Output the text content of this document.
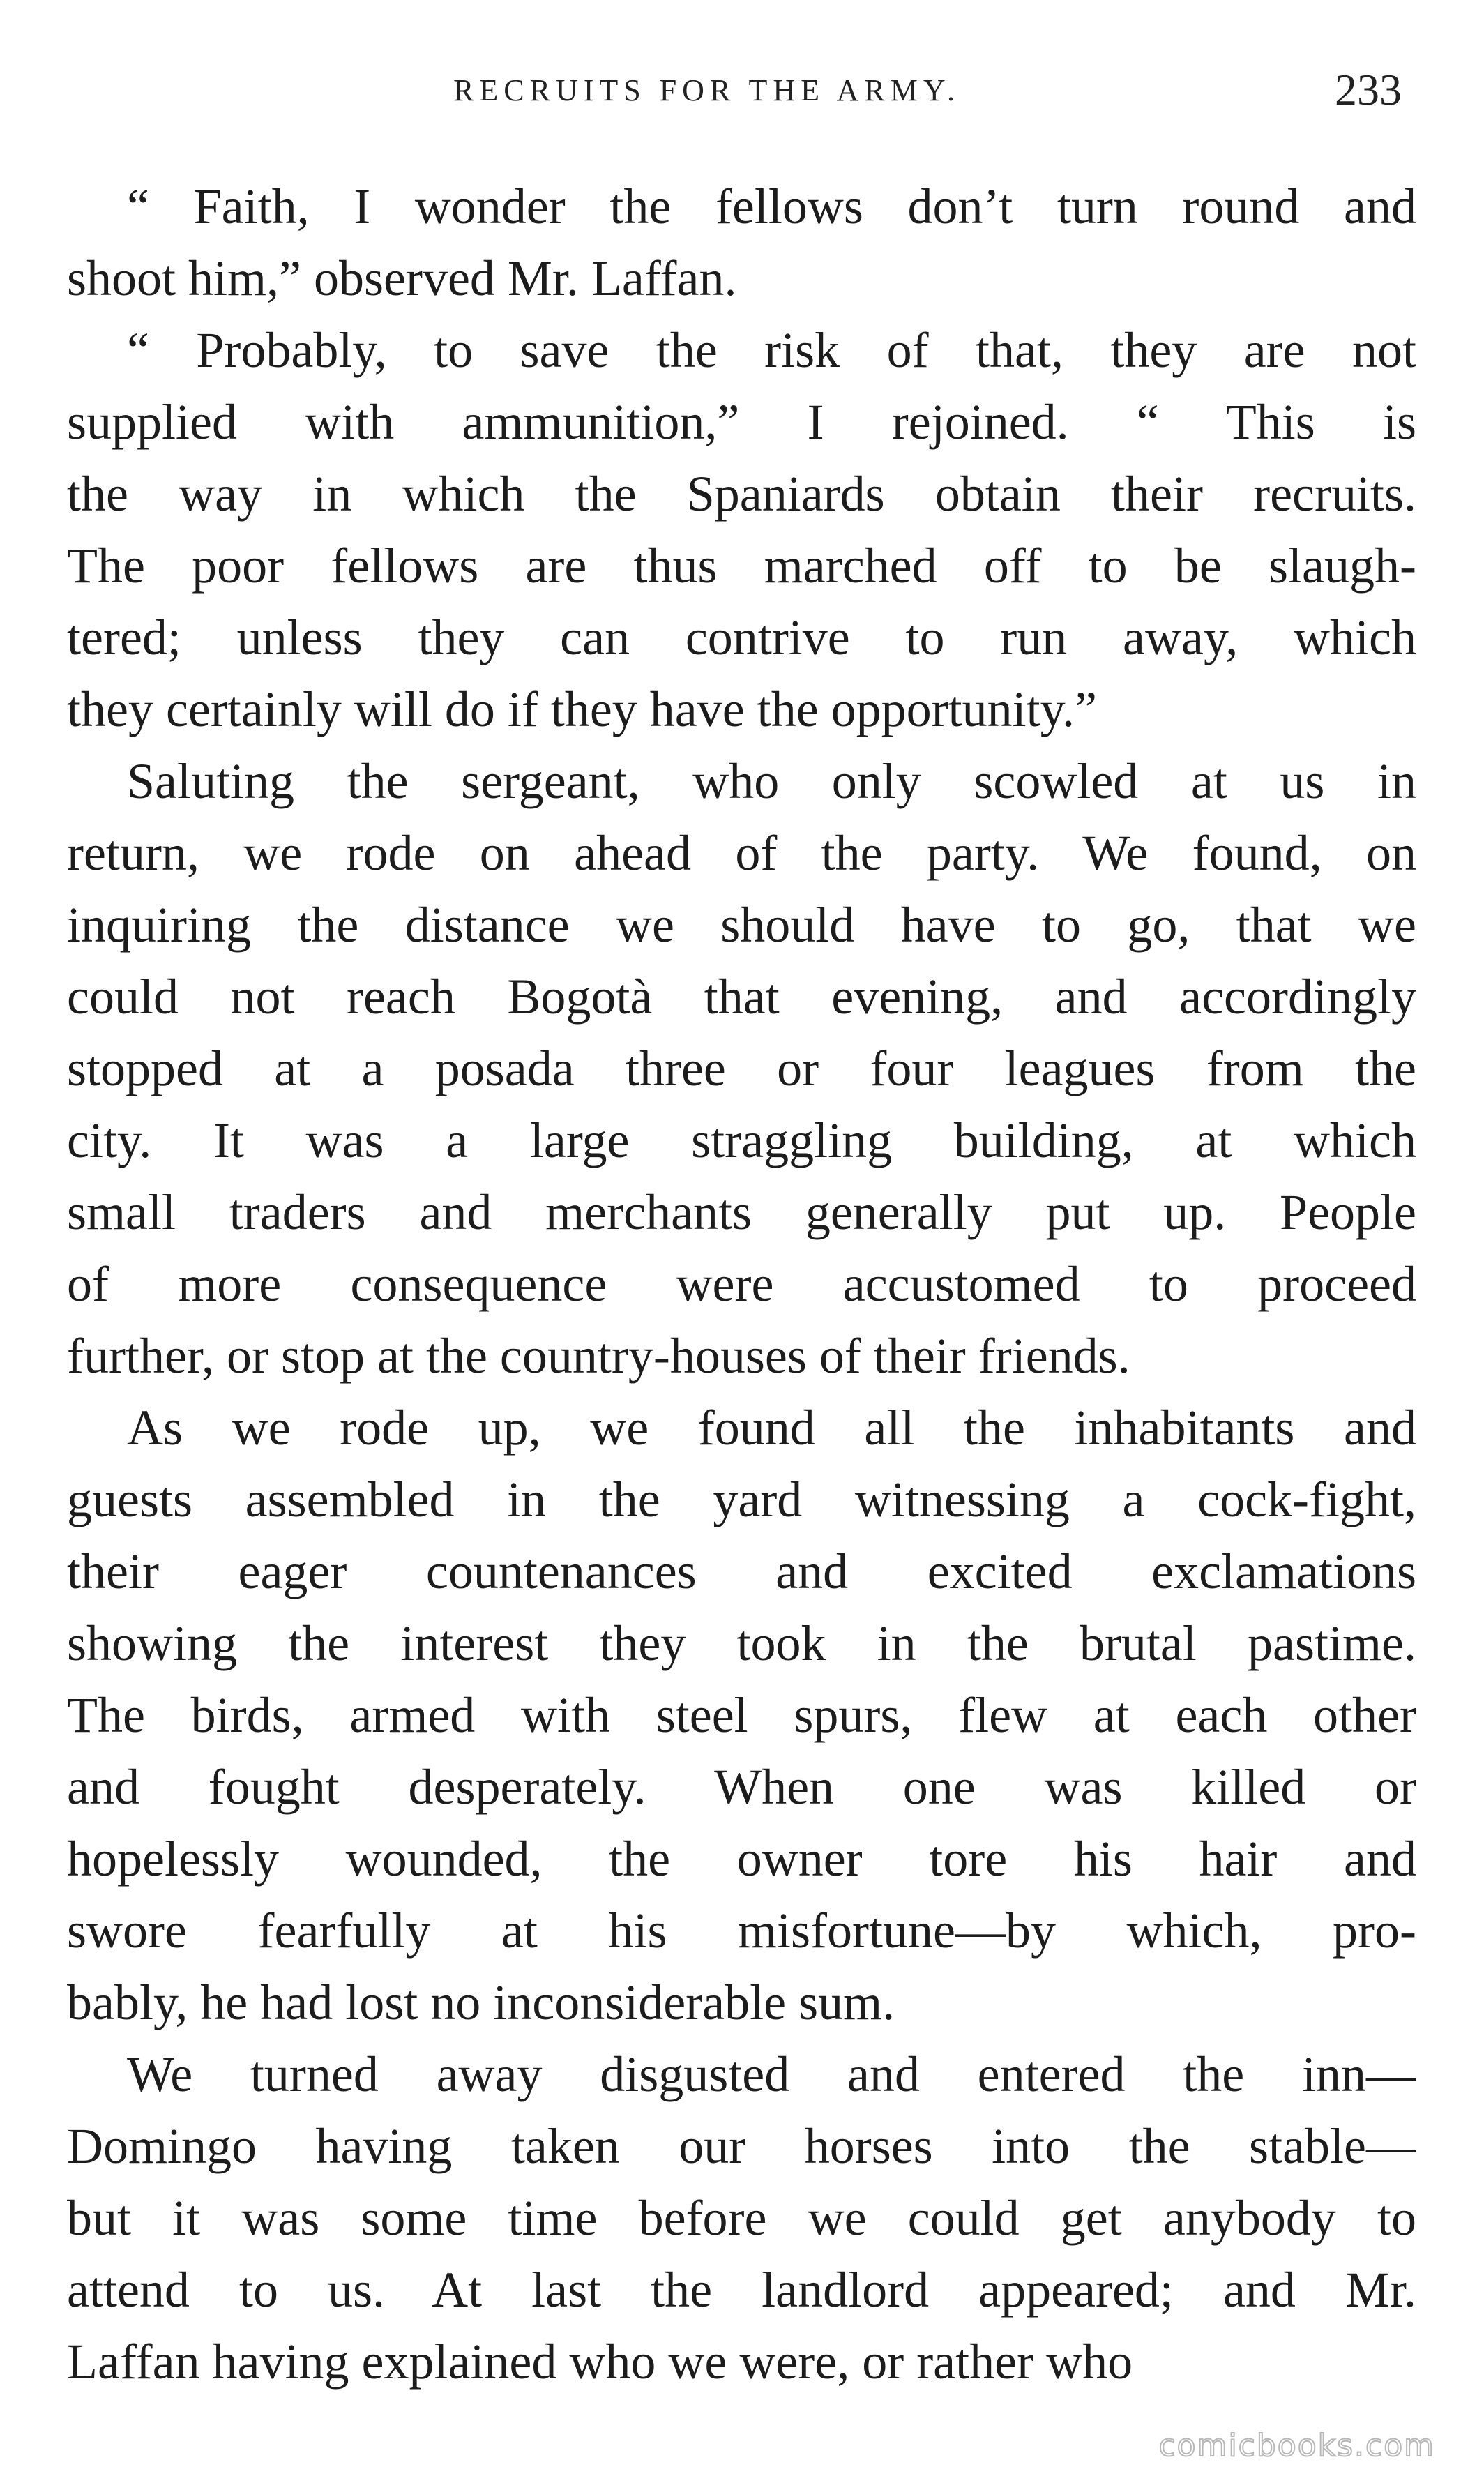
RECRUITS FOR THE ARMY.	233
“ Faith, I wonder the fellows don’t turn round and
shoot him,” observed Mr. Laffan.
“ Probably, to save the risk of that, they are not
supplied with ammunition,” I rejoined. “ This is
the way in which the Spaniards obtain their recruits.
The poor fellows are thus marched off to be slaugh-
tered; unless they can contrive to run away, which
they certainly will do if they have the opportunity.”
Saluting the sergeant, who only scowled at us in
return, we rode on ahead of the party. We found, on
inquiring the distance we should have to go, that we
could not reach Bogotà that evening, and accordingly
stopped at a posada three or four leagues from the
city. It was a large straggling building, at which
small traders and merchants generally put up. People
of more consequence were accustomed to proceed
further, or stop at the country-houses of their friends.
As we rode up, we found all the inhabitants and
guests assembled in the yard witnessing a cock-fight,
their eager countenances and excited exclamations
showing the interest they took in the brutal pastime.
The birds, armed with steel spurs, flew at each other
and fought desperately. When one was killed or
hopelessly wounded, the owner tore his hair and
swore fearfully at his misfortune—by which, pro-
bably, he had lost no inconsiderable sum.
We turned away disgusted and entered the inn—
Domingo having taken our horses into the stable—
but it was some time before we could get anybody to
attend to us. At last the landlord appeared; and Mr.
Laffan having explained who we were, or rather who
comicbooks.com
